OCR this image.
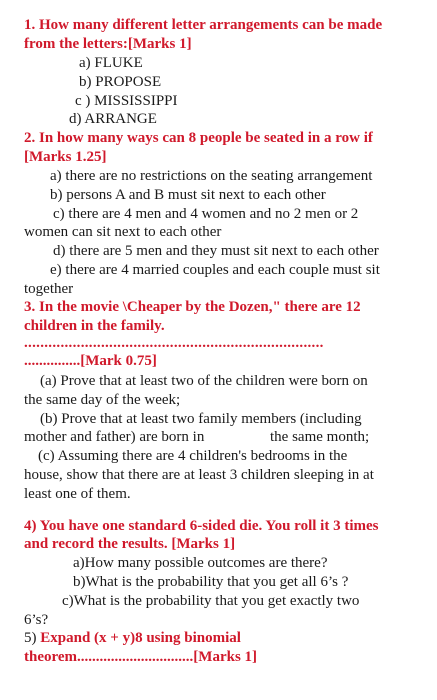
1. How many different letter arrangements can be made
from the letters:[Marks 1]
a) FLUKE
b) PROPOSE
c ) MISSISSIPPI
d) ARRANGE
2. In how many ways can 8 people be seated in a row if
[Marks 1.25]
a) there are no restrictions on the seating arrangement
b) persons A and B must sit next to each other
c) there are 4 men and 4 women and no 2 men or 2
women can sit next to each other
d) there are 5 men and they must sit next to each other
e) there are 4 married couples and each couple must sit
together
3. In the movie \Cheaper by the Dozen," there are 12
children in the family.
..........................................................................
...............[Mark 0.75]
(a) Prove that at least two of the children were born on
the same day of the week;
(b) Prove that at least two family members (including
mother and father) are born in	the same month;
(c) Assuming there are 4 children's bedrooms in the
house, show that there are at least 3 children sleeping in at
least one of them.
4) You have one standard 6-sided die. You roll it 3 times
and record the results. [Marks 1]
a)How many possible outcomes are there?
b)What is the probability that you get all 6’s ?
c)What is the probability that you get exactly two
6’s?
5) Expand (x + y)8 using binomial
theorem...............................[Marks 1]
